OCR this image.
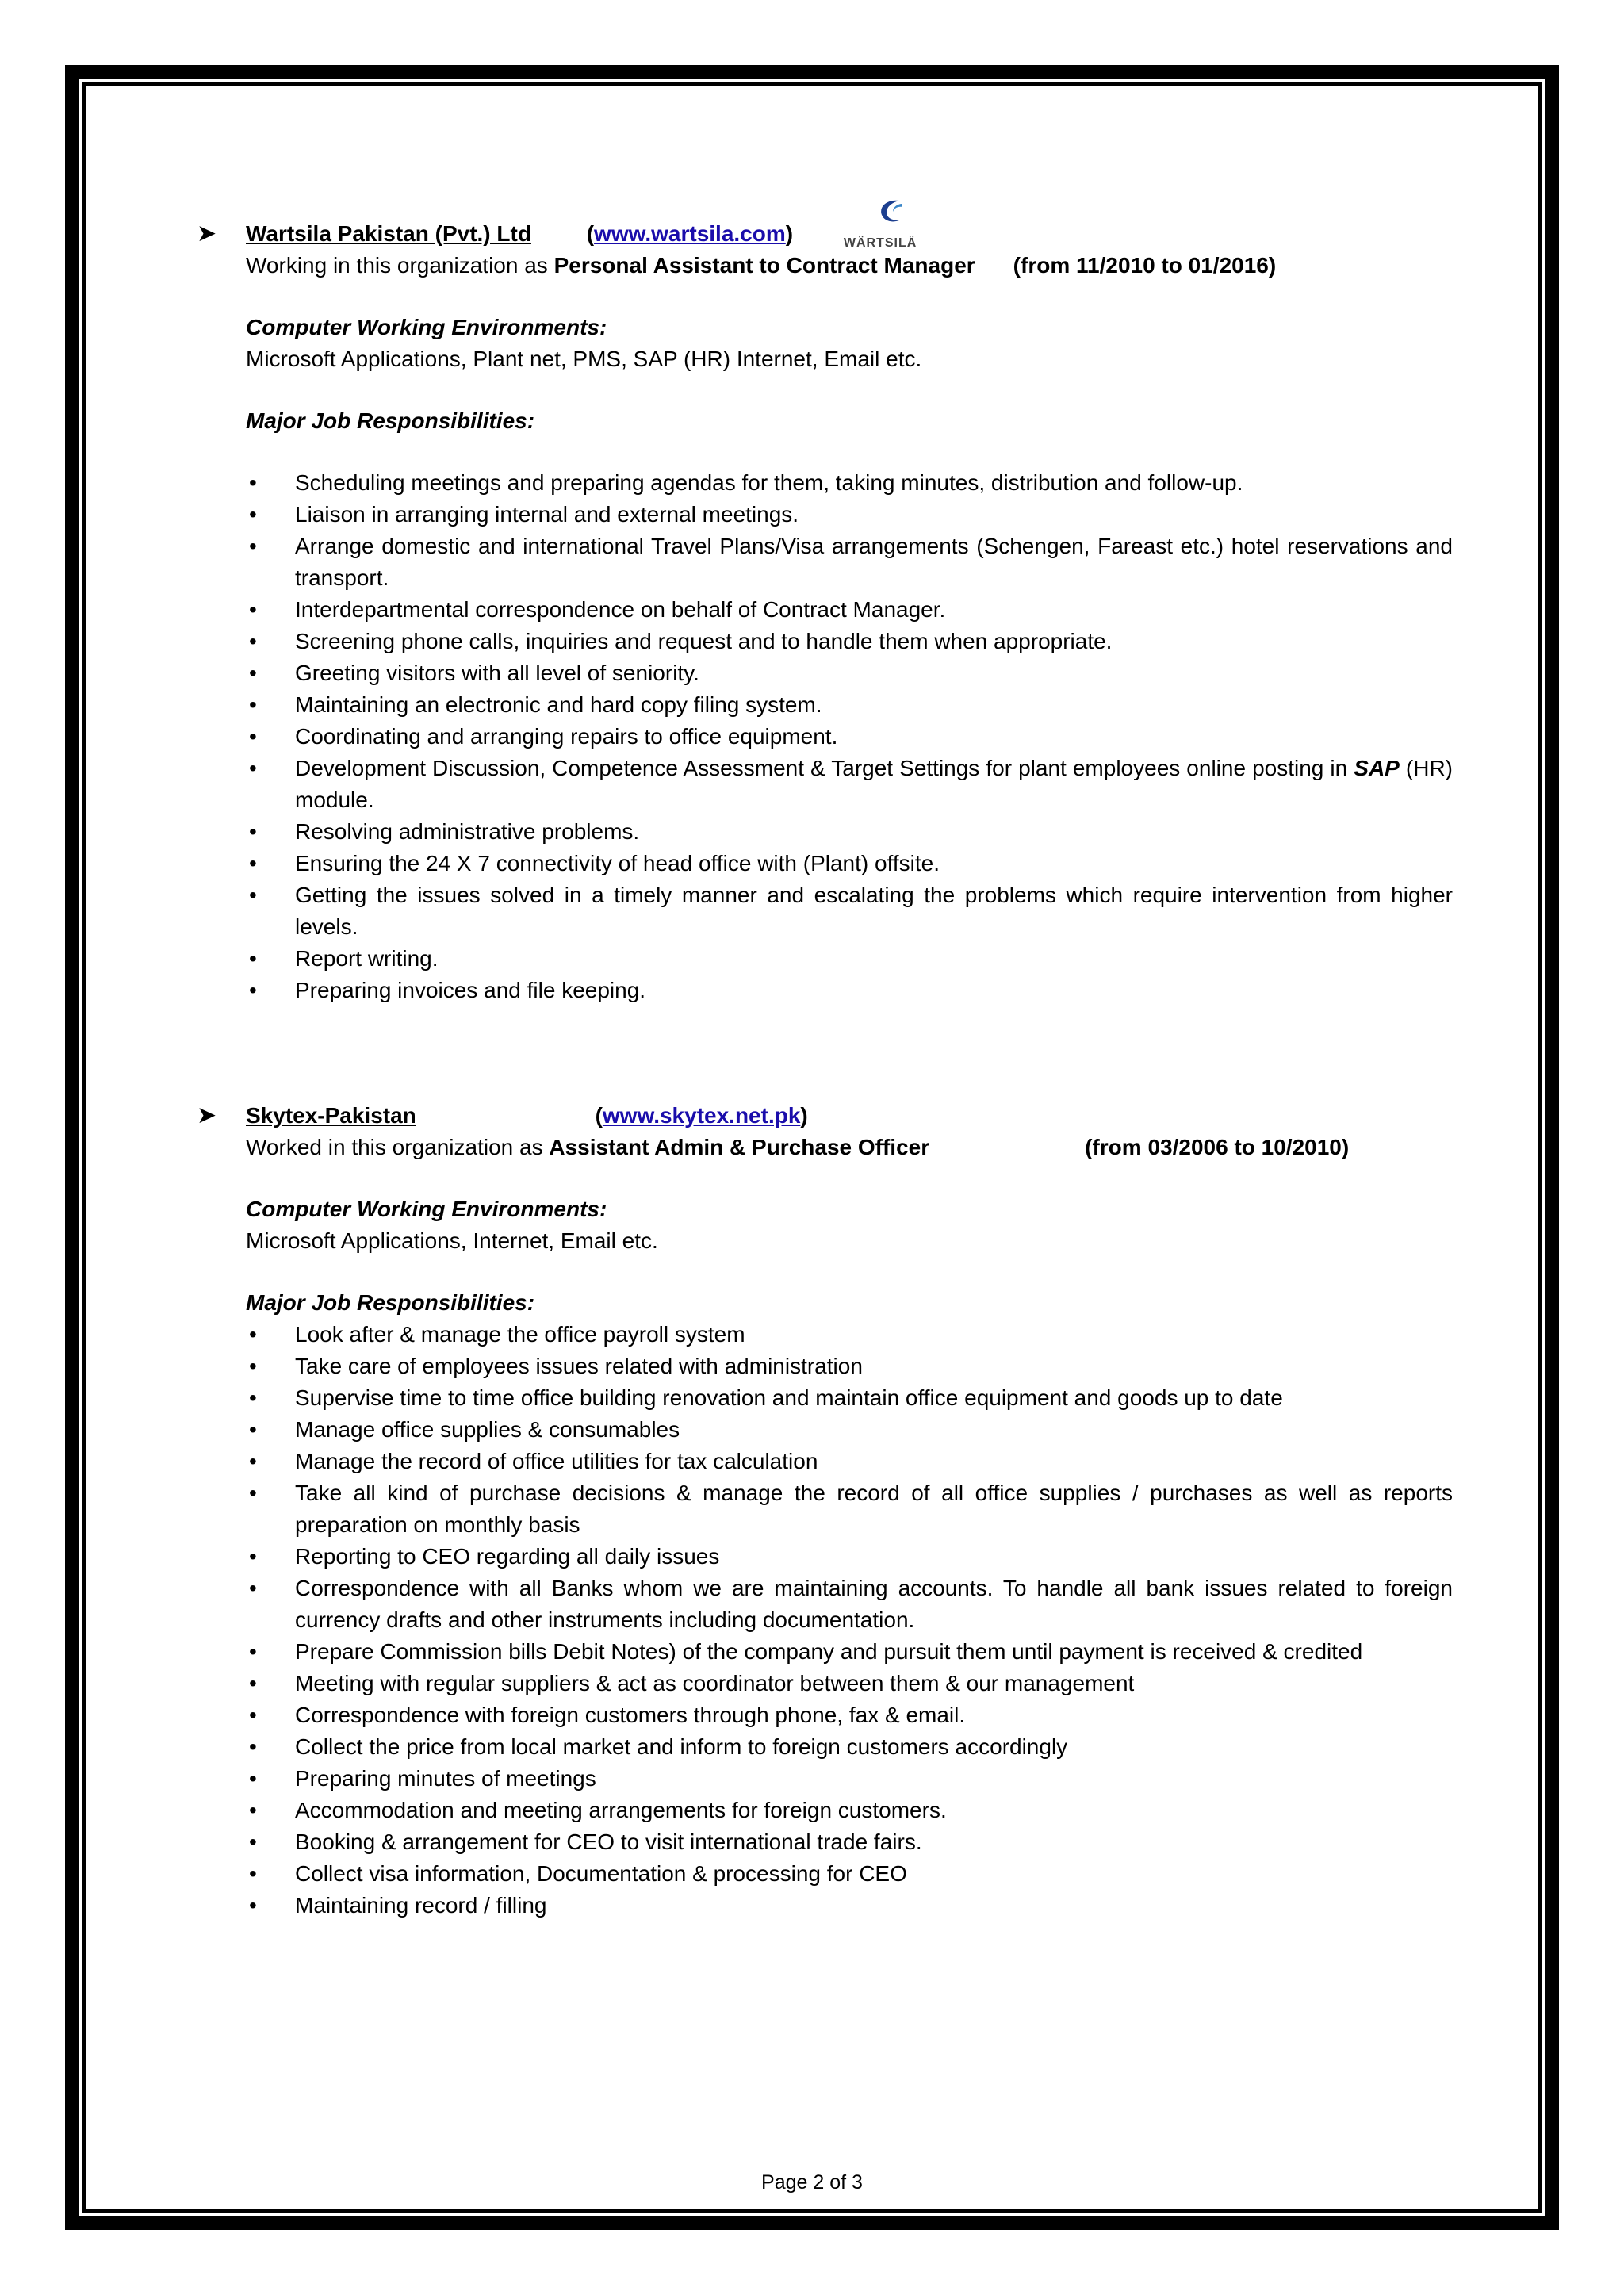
➤ Wartsila Pakistan (Pvt.) Ltd (www.wartsila.com)	WÄRTSILÄ
Working in this organization as Personal Assistant to Contract Manager (from 11/2010 to 01/2016)
Computer Working Environments:
Microsoft Applications, Plant net, PMS, SAP (HR) Internet, Email etc.
Major Job Responsibilities:
• Scheduling meetings and preparing agendas for them, taking minutes, distribution and follow-up.
• Liaison in arranging internal and external meetings.
• Arrange domestic and international Travel Plans/Visa arrangements (Schengen, Fareast etc.) hotel reservations and transport.
• Interdepartmental correspondence on behalf of Contract Manager.
• Screening phone calls, inquiries and request and to handle them when appropriate.
• Greeting visitors with all level of seniority.
• Maintaining an electronic and hard copy filing system.
• Coordinating and arranging repairs to office equipment.
• Development Discussion, Competence Assessment & Target Settings for plant employees online posting in SAP (HR) module.
• Resolving administrative problems.
• Ensuring the 24 X 7 connectivity of head office with (Plant) offsite.
• Getting the issues solved in a timely manner and escalating the problems which require intervention from higher levels.
• Report writing.
• Preparing invoices and file keeping.
➤ Skytex-Pakistan	(www.skytex.net.pk)
Worked in this organization as Assistant Admin & Purchase Officer	(from 03/2006 to 10/2010)
Computer Working Environments:
Microsoft Applications, Internet, Email etc.
Major Job Responsibilities:
• Look after & manage the office payroll system
• Take care of employees issues related with administration
• Supervise time to time office building renovation and maintain office equipment and goods up to date
• Manage office supplies & consumables
• Manage the record of office utilities for tax calculation
• Take all kind of purchase decisions & manage the record of all office supplies / purchases as well as reports preparation on monthly basis
• Reporting to CEO regarding all daily issues
• Correspondence with all Banks whom we are maintaining accounts. To handle all bank issues related to foreign currency drafts and other instruments including documentation.
• Prepare Commission bills Debit Notes) of the company and pursuit them until payment is received & credited
• Meeting with regular suppliers & act as coordinator between them & our management
• Correspondence with foreign customers through phone, fax & email.
• Collect the price from local market and inform to foreign customers accordingly
• Preparing minutes of meetings
• Accommodation and meeting arrangements for foreign customers.
• Booking & arrangement for CEO to visit international trade fairs.
• Collect visa information, Documentation & processing for CEO
• Maintaining record / filling
Page 2 of 3
